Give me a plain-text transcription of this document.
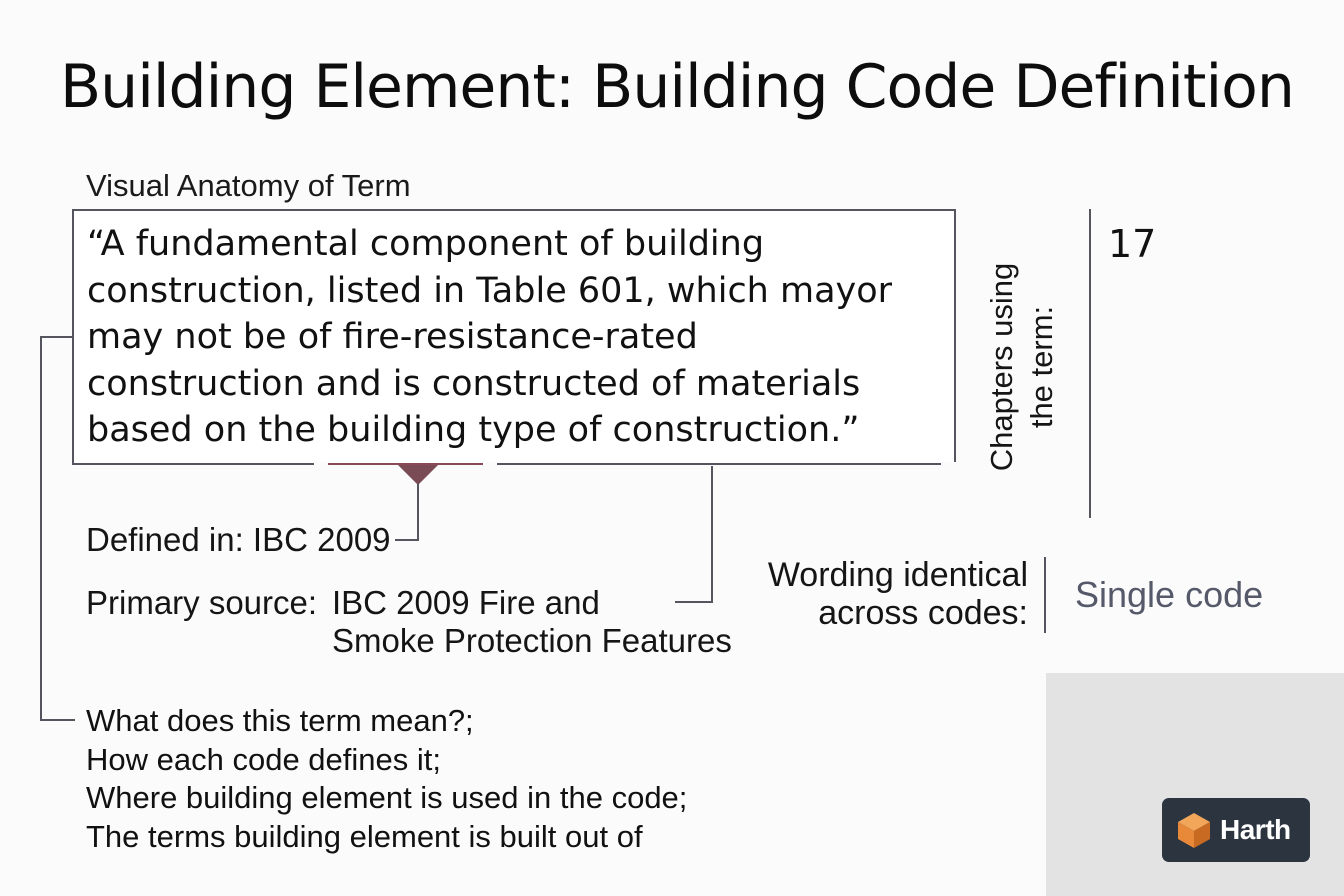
Building Element: Building Code Definition
Visual Anatomy of Term
“A fundamental component of building
construction, listed in Table 601, which mayor
may not be of fire-resistance-rated
construction and is constructed of materials
based on the building type of construction.”
Defined in: IBC 2009
Primary source: IBC 2009 Fire and
Smoke Protection Features
Chapters using the term:
17
Wording identical
across codes: Single code
What does this term mean?;
How each code defines it;
Where building element is used in the code;
The terms building element is built out of	Harth
